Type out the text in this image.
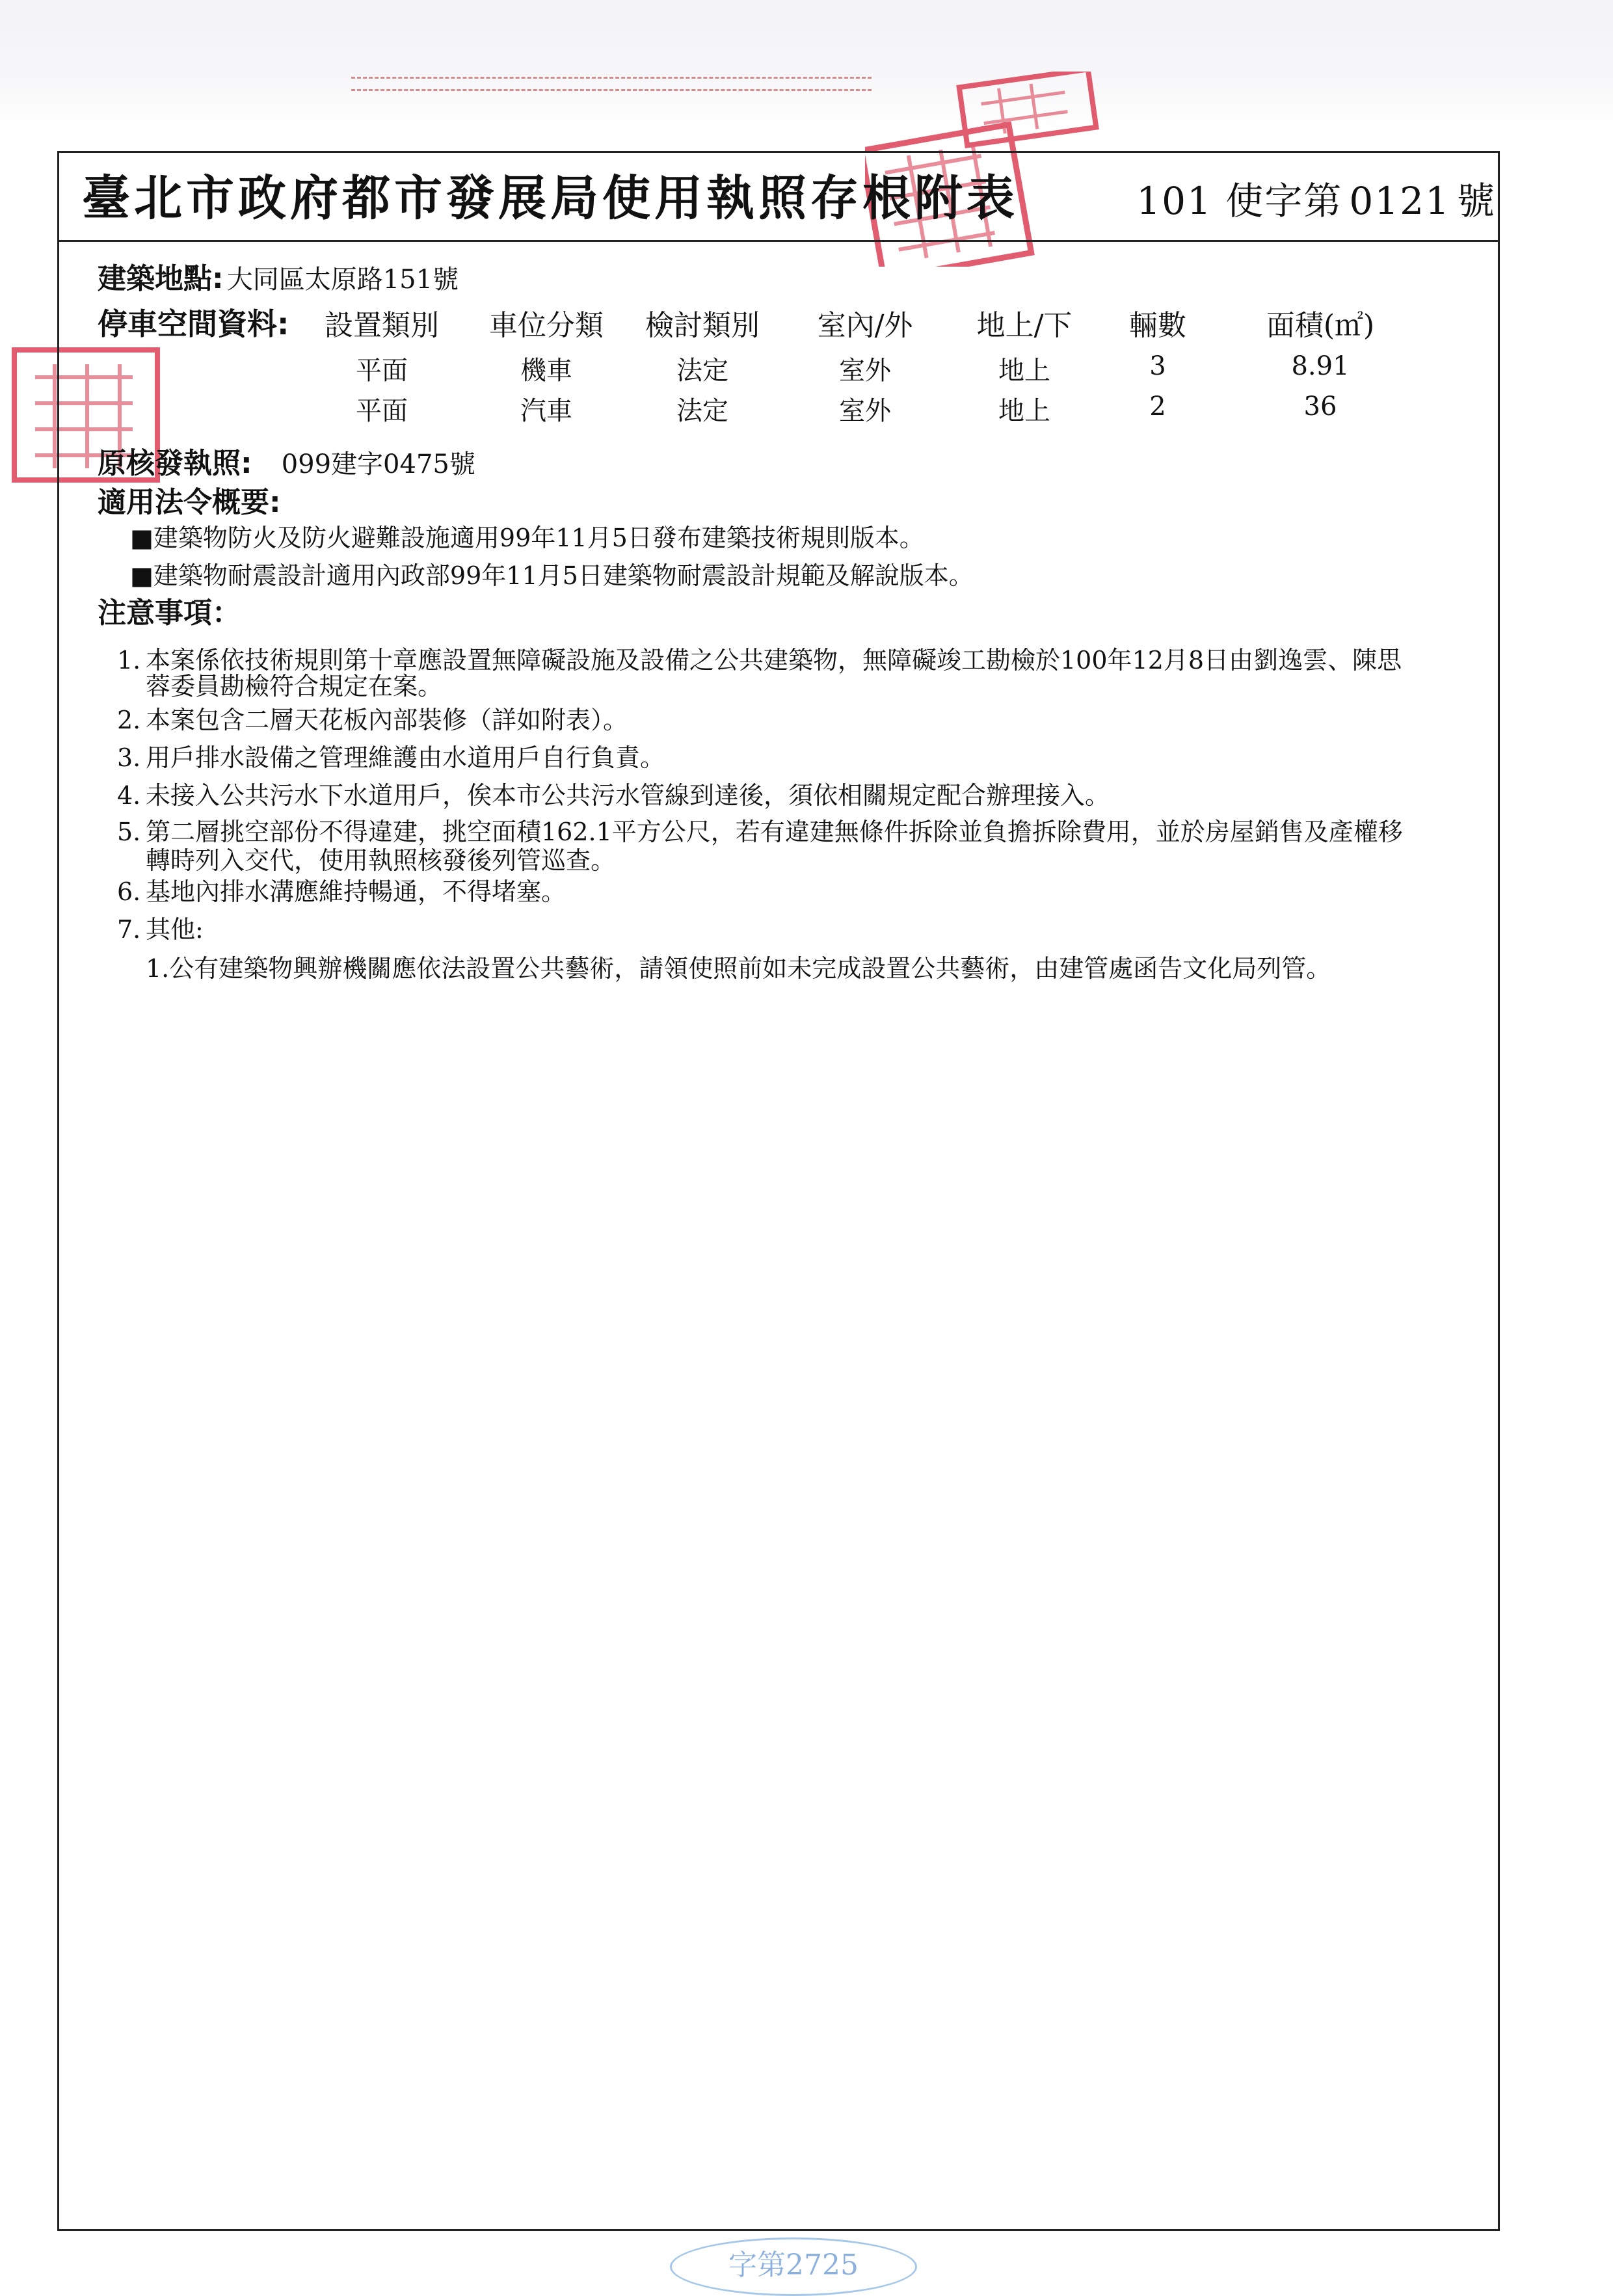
臺北市政府都市發展局使用執照存根附表	101 使字第 0121 號
建築地點: 大同區太原路151號
停車空間資料:	設置類別	車位分類	檢討類別	室內/外	地上/下	輛數	面積(㎡)
平面	機車	法定	室外	地上	3	8.91
平面	汽車	法定	室外	地上	2	36
原核發執照: 099建字0475號
適用法令概要:
■建築物防火及防火避難設施適用99年11月5日發布建築技術規則版本。
■建築物耐震設計適用內政部99年11月5日建築物耐震設計規範及解說版本。
注意事項：
1. 本案係依技術規則第十章應設置無障礙設施及設備之公共建築物，無障礙竣工勘檢於100年12月8日由劉逸雲、陳思
蓉委員勘檢符合規定在案。
2. 本案包含二層天花板內部裝修（詳如附表）。
3. 用戶排水設備之管理維護由水道用戶自行負責。
4. 未接入公共污水下水道用戶，俟本市公共污水管線到達後，須依相關規定配合辦理接入。
5. 第二層挑空部份不得違建，挑空面積162.1平方公尺，若有違建無條件拆除並負擔拆除費用，並於房屋銷售及產權移
轉時列入交代，使用執照核發後列管巡查。
6. 基地內排水溝應維持暢通，不得堵塞。
7. 其他:
1.公有建築物興辦機關應依法設置公共藝術，請領使照前如未完成設置公共藝術，由建管處函告文化局列管。
字第2725
